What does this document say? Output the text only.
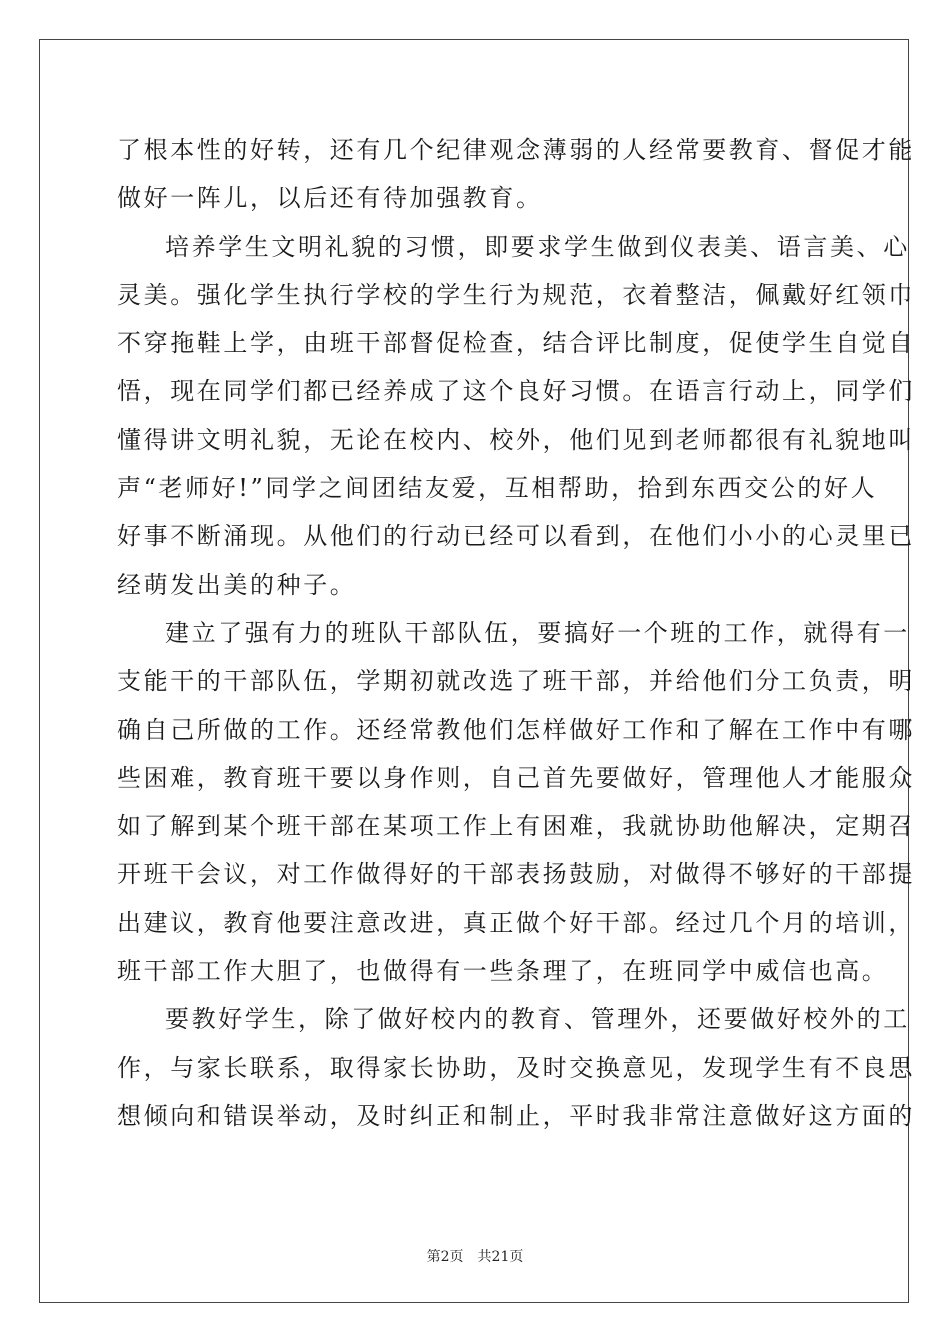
了根本性的好转，还有几个纪律观念薄弱的人经常要教育、督促才能
做好一阵儿，以后还有待加强教育。
培养学生文明礼貌的习惯，即要求学生做到仪表美、语言美、心
灵美。强化学生执行学校的学生行为规范，衣着整洁，佩戴好红领巾
不穿拖鞋上学，由班干部督促检查，结合评比制度，促使学生自觉自
悟，现在同学们都已经养成了这个良好习惯。在语言行动上，同学们
懂得讲文明礼貌，无论在校内、校外，他们见到老师都很有礼貌地叫
声“老师好!”同学之间团结友爱，互相帮助，拾到东西交公的好人
好事不断涌现。从他们的行动已经可以看到，在他们小小的心灵里已
经萌发出美的种子。
建立了强有力的班队干部队伍，要搞好一个班的工作，就得有一
支能干的干部队伍，学期初就改选了班干部，并给他们分工负责，明
确自己所做的工作。还经常教他们怎样做好工作和了解在工作中有哪
些困难，教育班干要以身作则，自己首先要做好，管理他人才能服众
如了解到某个班干部在某项工作上有困难，我就协助他解决，定期召
开班干会议，对工作做得好的干部表扬鼓励，对做得不够好的干部提
出建议，教育他要注意改进，真正做个好干部。经过几个月的培训，
班干部工作大胆了，也做得有一些条理了，在班同学中威信也高。
要教好学生，除了做好校内的教育、管理外，还要做好校外的工
作，与家长联系，取得家长协助，及时交换意见，发现学生有不良思
想倾向和错误举动，及时纠正和制止，平时我非常注意做好这方面的
第2页　共21页
